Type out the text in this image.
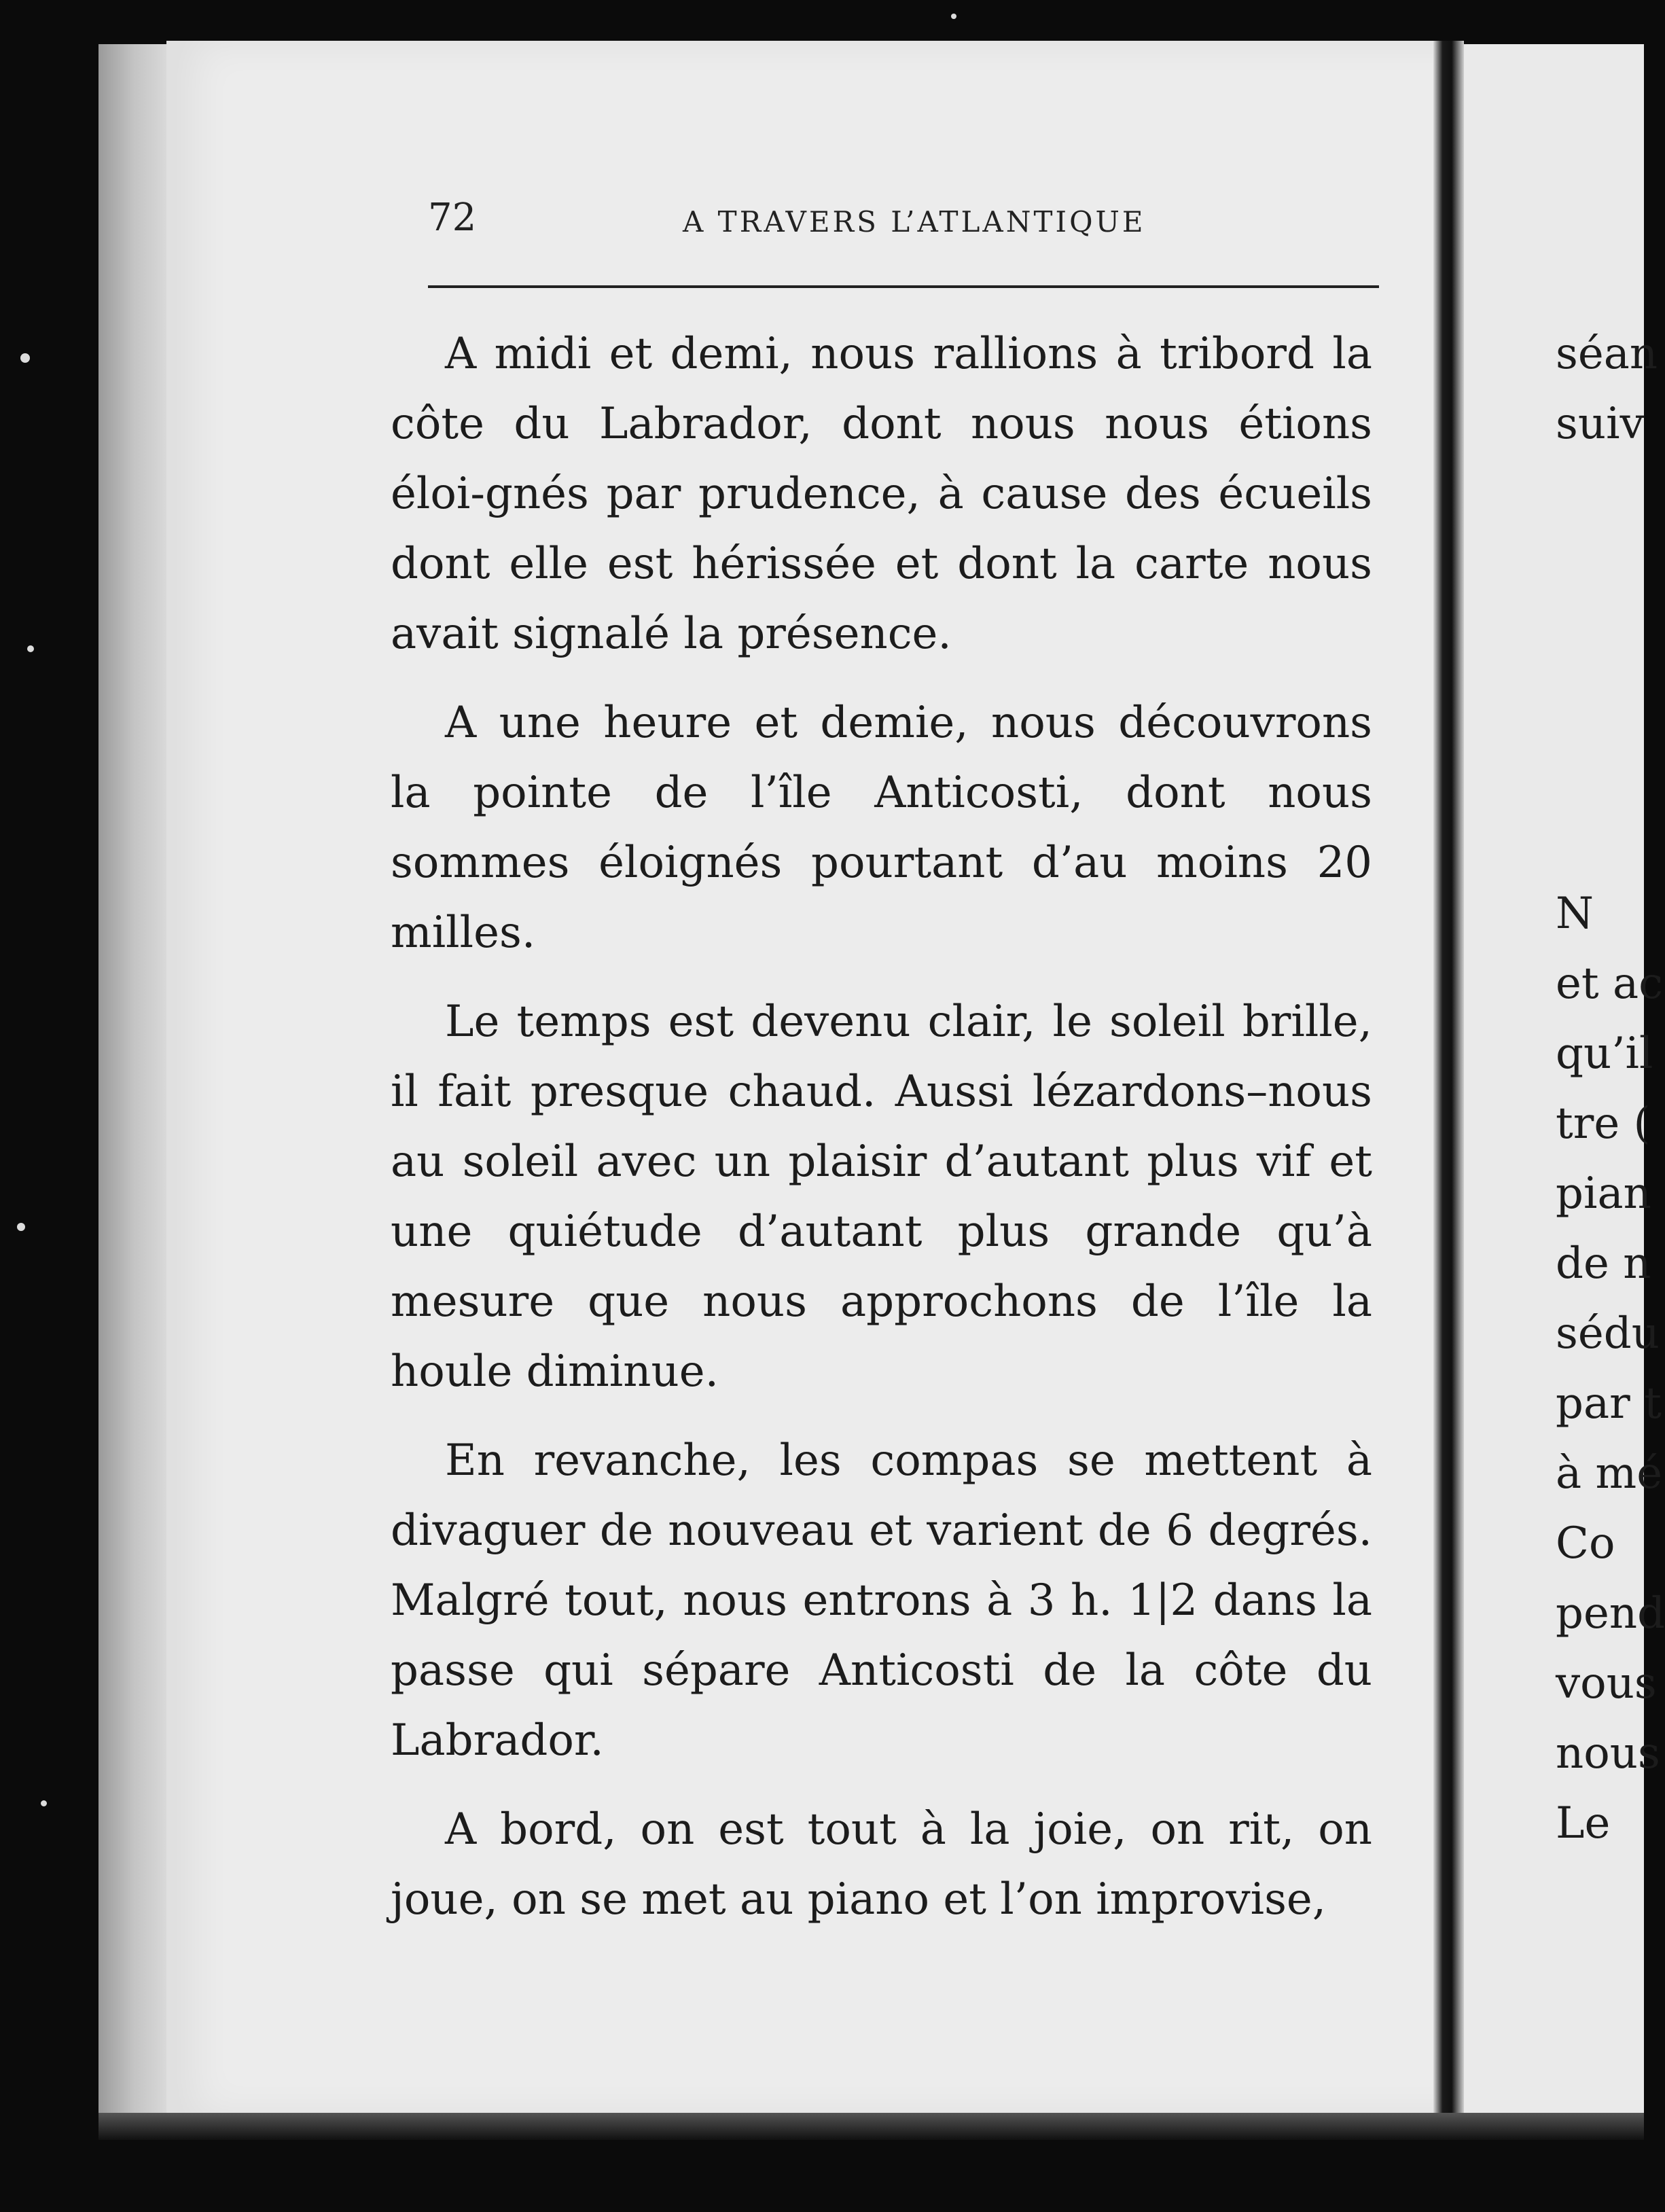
72	A TRAVERS L’ATLANTIQUE

A midi et demi, nous rallions à tribord la côte du Labrador, dont nous nous étions éloi-gnés par prudence, à cause des écueils dont elle est hérissée et dont la carte nous avait signalé la présence.

A une heure et demie, nous découvrons la pointe de l’île Anticosti, dont nous sommes éloignés pourtant d’au moins 20 milles.

Le temps est devenu clair, le soleil brille, il fait presque chaud. Aussi lézardons–nous au soleil avec un plaisir d’autant plus vif et une quiétude d’autant plus grande qu’à mesure que nous approchons de l’île la houle diminue.

En revanche, les compas se mettent à divaguer de nouveau et varient de 6 degrés. Malgré tout, nous entrons à 3 h. 1|2 dans la passe qui sépare Anticosti de la côte du Labrador.

A bord, on est tout à la joie, on rit, on joue, on se met au piano et l’on improvise,

séan
suiv
N
et ac
qu’il
tre (
pian
de n
sédu
par t
à mé
Co
pend
vous
nous
Le
